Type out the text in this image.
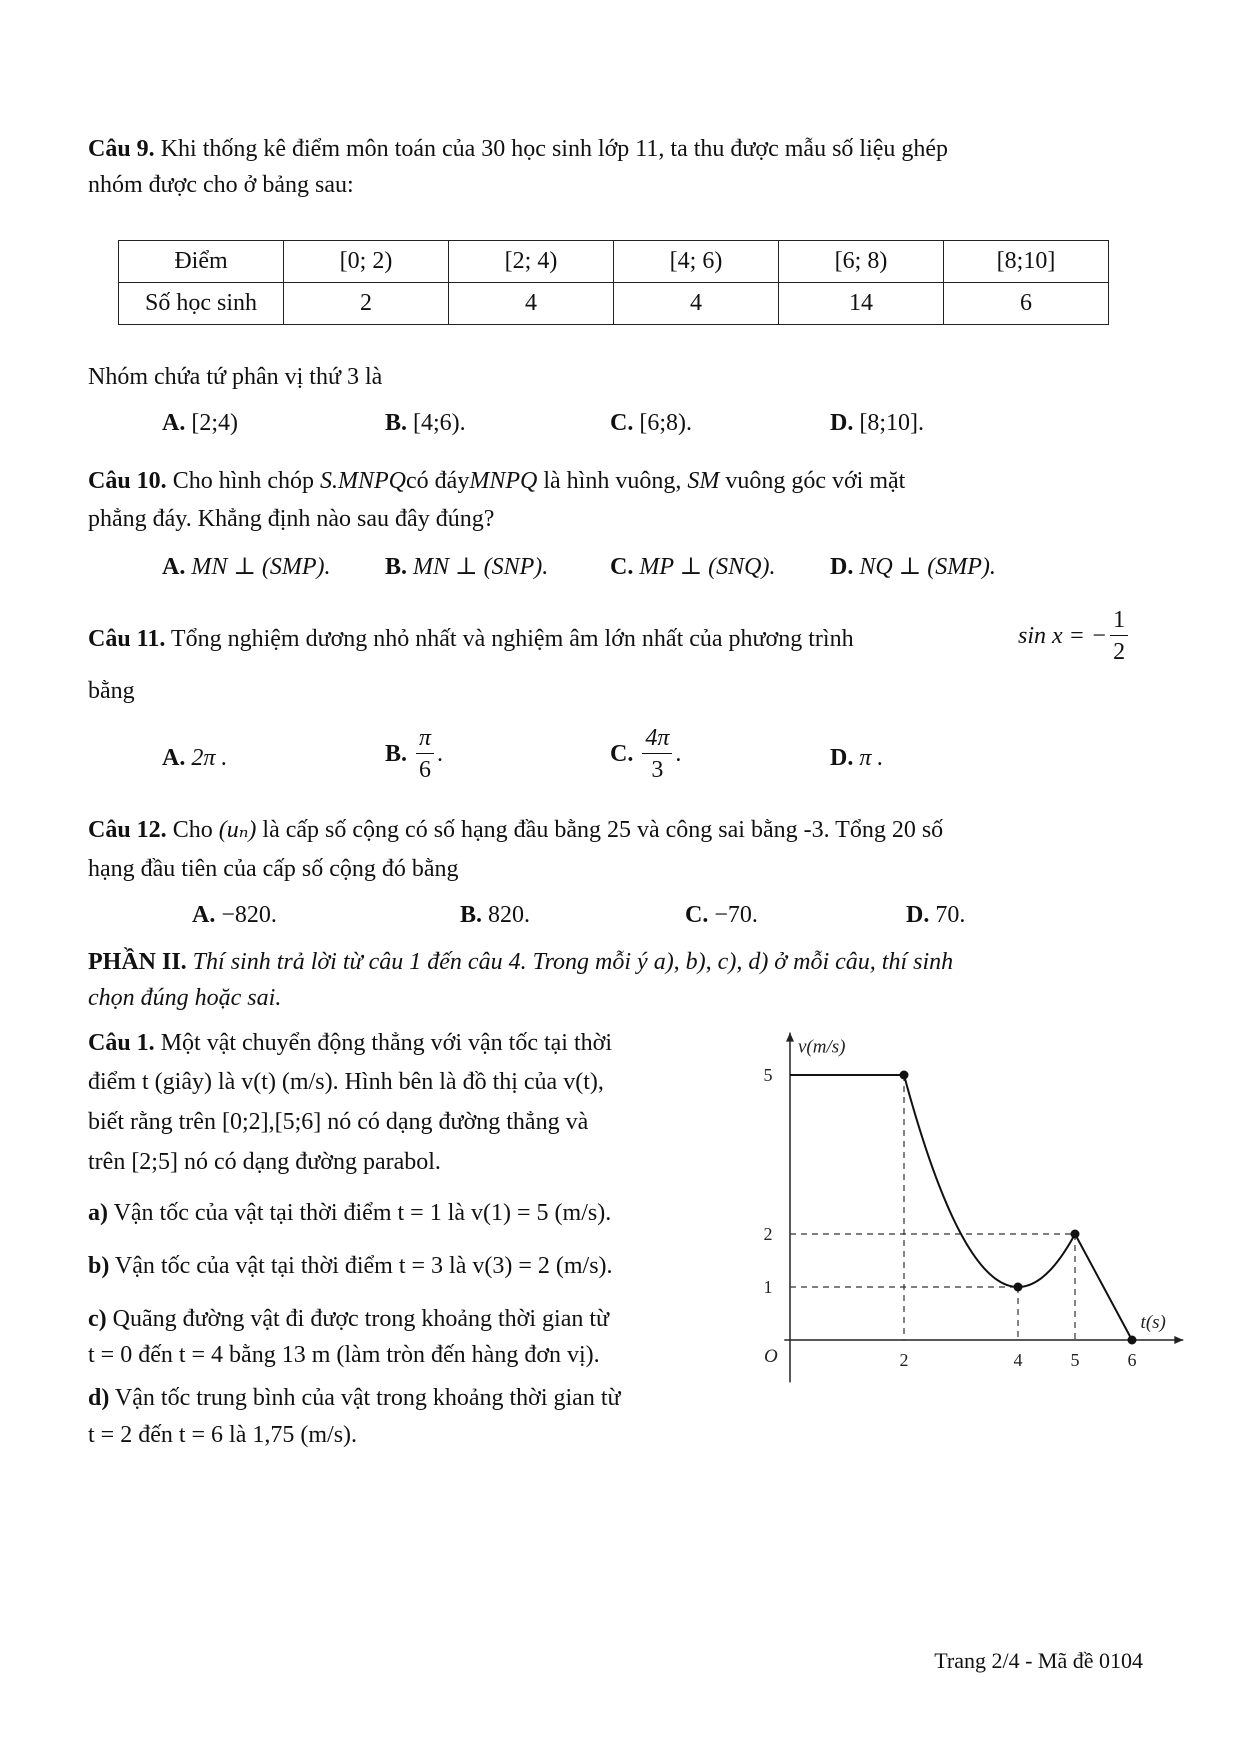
Câu 9. Khi thống kê điểm môn toán của 30 học sinh lớp 11, ta thu được mẫu số liệu ghép
nhóm được cho ở bảng sau:
Điểm	[0; 2)	[2; 4)	[4; 6)	[6; 8)	[8;10]
Số học sinh	2	4	4	14	6
Nhóm chứa tứ phân vị thứ 3 là
A. [2;4)	B. [4;6).	C. [6;8).	D. [8;10].
Câu 10. Cho hình chóp S.MNPQcó đáyMNPQ là hình vuông, SM vuông góc với mặt
phẳng đáy. Khẳng định nào sau đây đúng?
A. MN ⊥ (SMP). B. MN ⊥ (SNP).	C. MP ⊥ (SNQ). D. NQ ⊥ (SMP).
Câu 11. Tổng nghiệm dương nhỏ nhất và nghiệm âm lớn nhất của phương trình	sin x = − $\frac{1}{2}$
bằng
A. 2π .	B. $\frac{\pi}{6}$ .	C. $\frac{4\pi}{3}$ .	D. π .
Câu 12. Cho (uₙ) là cấp số cộng có số hạng đầu bằng 25 và công sai bằng -3. Tổng 20 số
hạng đầu tiên của cấp số cộng đó bằng
A. −820.	B. 820.	C. −70.	D. 70.
PHẦN II. Thí sinh trả lời từ câu 1 đến câu 4. Trong mỗi ý a), b), c), d) ở mỗi câu, thí sinh
chọn đúng hoặc sai.
Câu 1. Một vật chuyển động thẳng với vận tốc tại thời
điểm t (giây) là v(t) (m/s). Hình bên là đồ thị của v(t),
biết rằng trên [0;2],[5;6] nó có dạng đường thẳng và
trên [2;5] nó có dạng đường parabol.
a) Vận tốc của vật tại thời điểm t = 1 là v(1) = 5 (m/s).
b) Vận tốc của vật tại thời điểm t = 3 là v(3) = 2 (m/s).
c) Quãng đường vật đi được trong khoảng thời gian từ
t = 0 đến t = 4 bằng 13 m (làm tròn đến hàng đơn vị).
d) Vận tốc trung bình của vật trong khoảng thời gian từ
t = 2 đến t = 6 là 1,75 (m/s).
v(m/s)
t(s)
O	2	4	5	6
5
2
1
Trang 2/4 - Mã đề 0104
